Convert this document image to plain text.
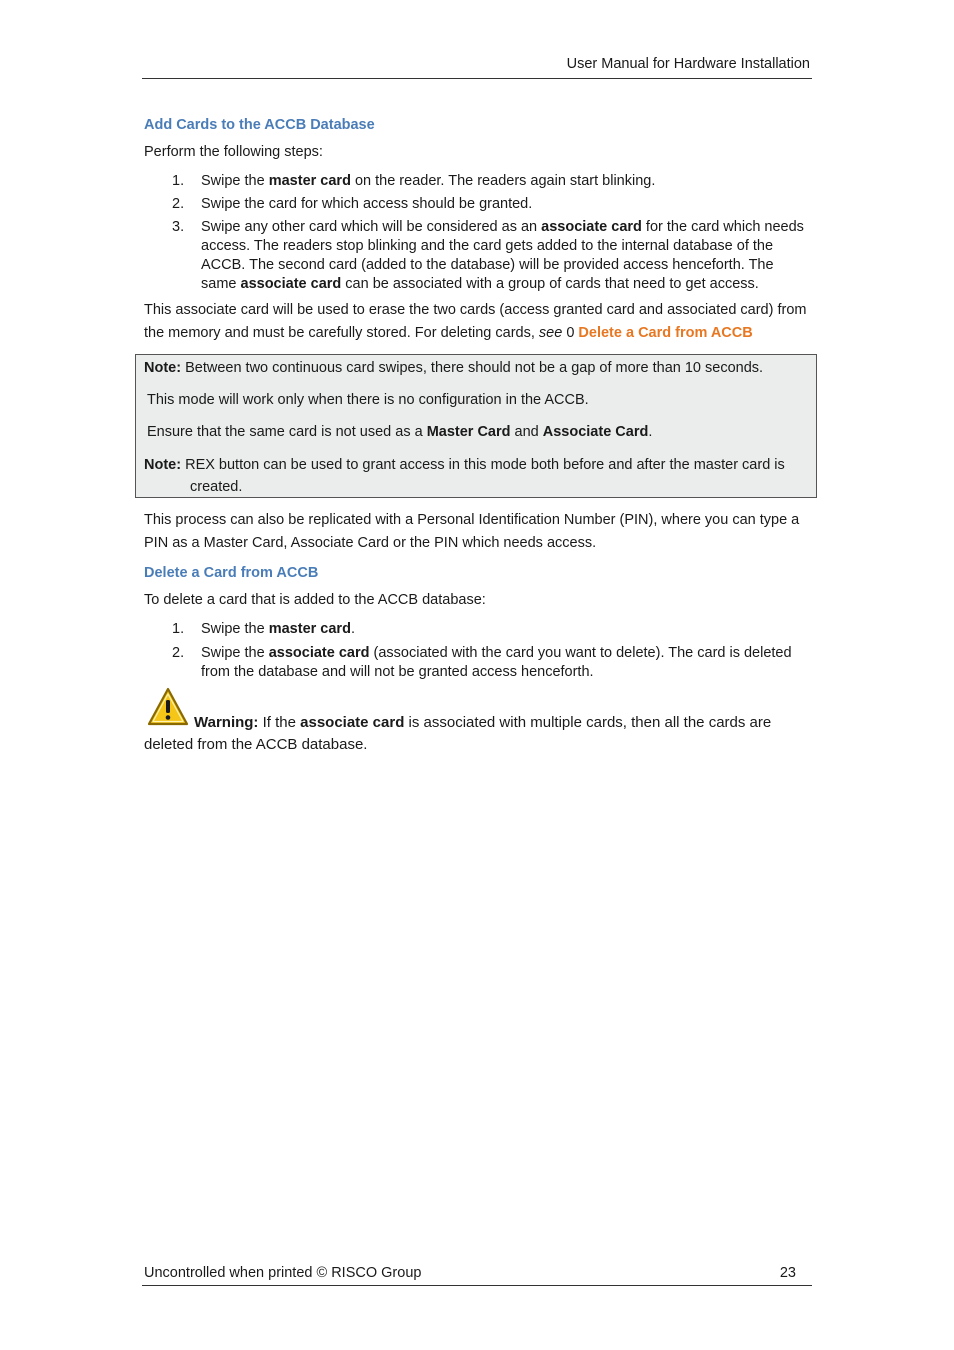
User Manual for Hardware Installation
Add Cards to the ACCB Database
Perform the following steps:
1.	Swipe the master card on the reader. The readers again start blinking.
2.	Swipe the card for which access should be granted.
3.	Swipe any other card which will be considered as an associate card for the card which needs access. The readers stop blinking and the card gets added to the internal database of the ACCB. The second card (added to the database) will be provided access henceforth. The same associate card can be associated with a group of cards that need to get access.
This associate card will be used to erase the two cards (access granted card and associated card) from the memory and must be carefully stored. For deleting cards, see 0 Delete a Card from ACCB
Note: Between two continuous card swipes, there should not be a gap of more than 10 seconds.
This mode will work only when there is no configuration in the ACCB.
Ensure that the same card is not used as a Master Card and Associate Card.
Note: REX button can be used to grant access in this mode both before and after the master card is
created.
This process can also be replicated with a Personal Identification Number (PIN), where you can type a PIN as a Master Card, Associate Card or the PIN which needs access.
Delete a Card from ACCB
To delete a card that is added to the ACCB database:
1.	Swipe the master card.
2.	Swipe the associate card (associated with the card you want to delete). The card is deleted from the database and will not be granted access henceforth.
Warning: If the associate card is associated with multiple cards, then all the cards are deleted from the ACCB database.
Uncontrolled when printed © RISCO Group	23
